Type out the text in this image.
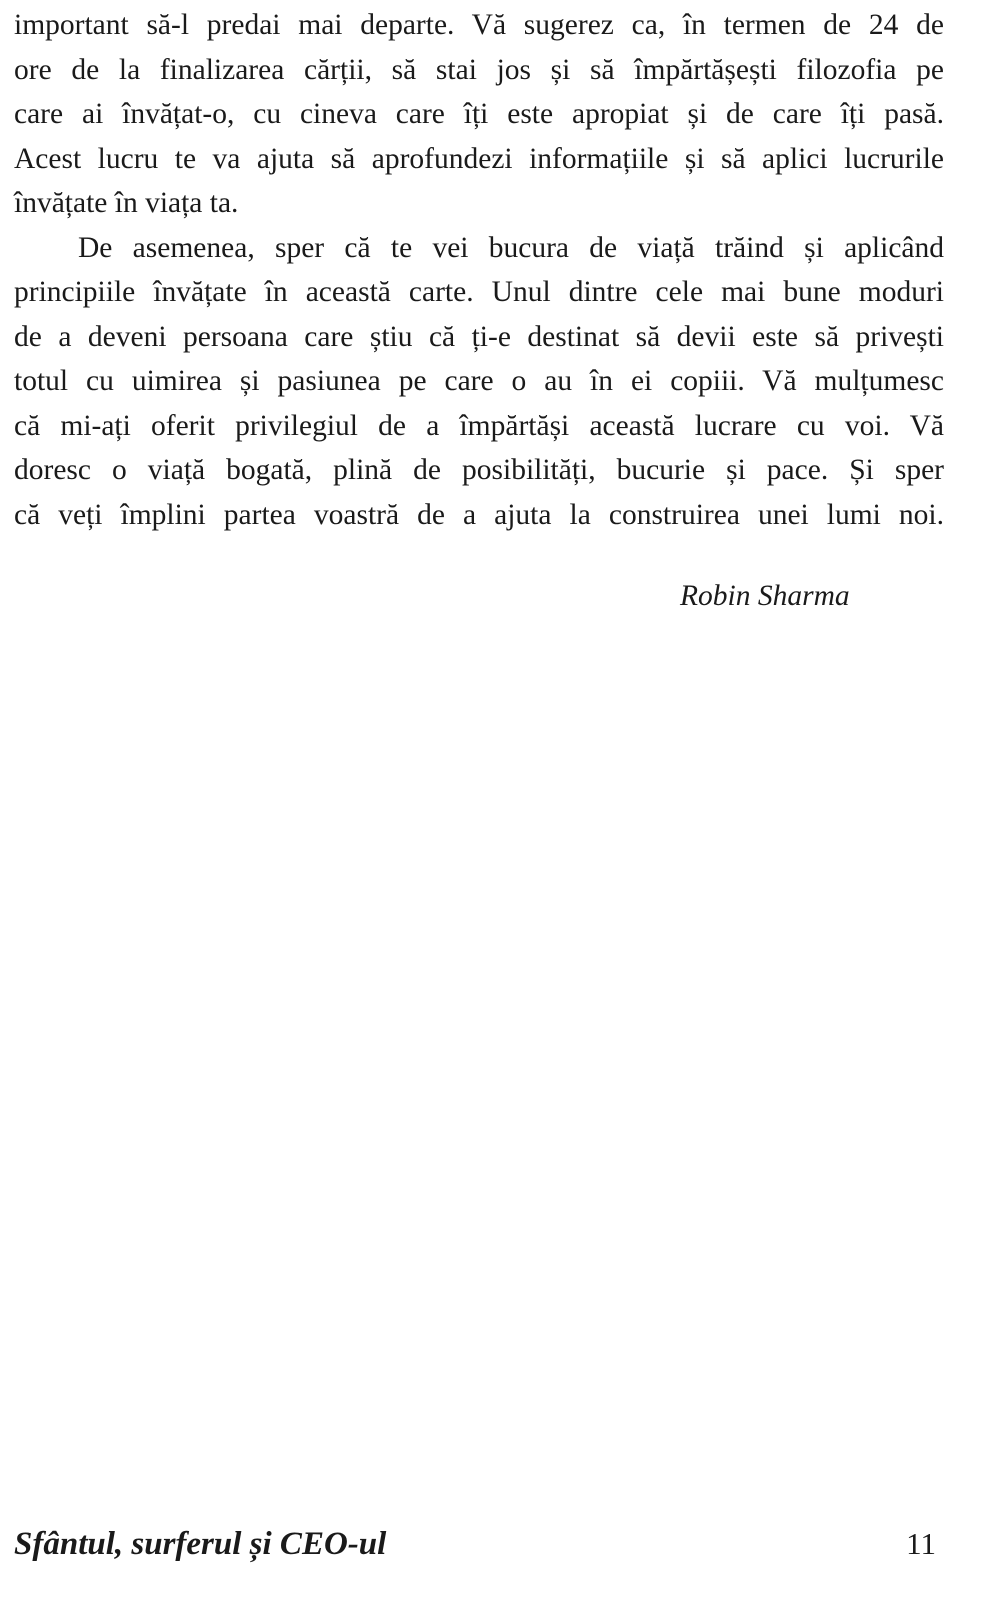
important să-l predai mai departe. Vă sugerez ca, în termen de 24 de
ore de la finalizarea cărții, să stai jos și să împărtășești filozofia pe
care ai învățat-o, cu cineva care îți este apropiat și de care îți pasă.
Acest lucru te va ajuta să aprofundezi informațiile și să aplici lucrurile
învățate în viața ta.
De asemenea, sper că te vei bucura de viață trăind și aplicând
principiile învățate în această carte. Unul dintre cele mai bune moduri
de a deveni persoana care știu că ți-e destinat să devii este să privești
totul cu uimirea și pasiunea pe care o au în ei copiii. Vă mulțumesc
că mi-ați oferit privilegiul de a împărtăși această lucrare cu voi. Vă
doresc o viață bogată, plină de posibilități, bucurie și pace. Și sper
că veți împlini partea voastră de a ajuta la construirea unei lumi noi.
Robin Sharma
Sfântul, surferul și CEO-ul	11
